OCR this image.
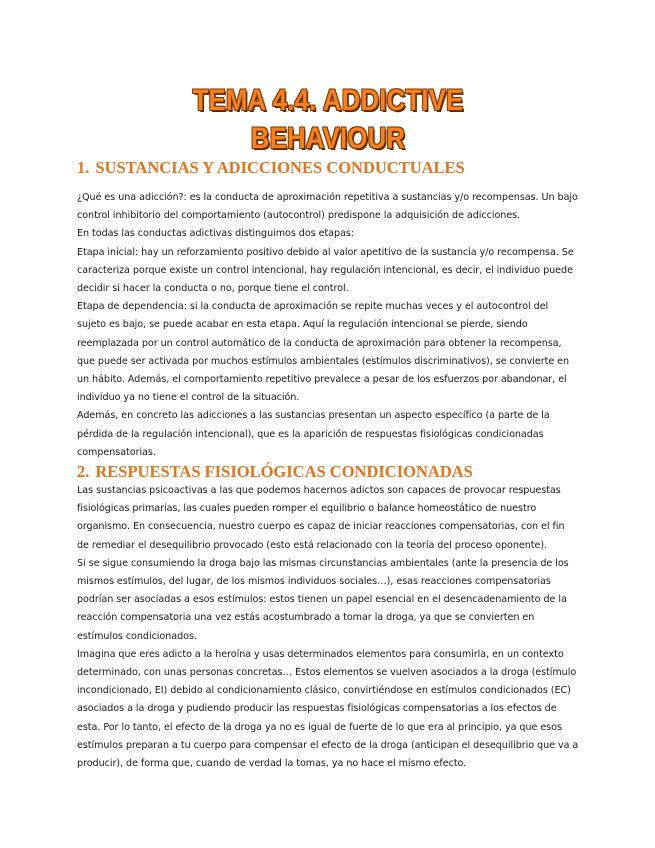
TEMA 4.4. ADDICTIVE BEHAVIOUR
1. SUSTANCIAS Y ADICCIONES CONDUCTUALES

¿Qué es una adicción?: es la conducta de aproximación repetitiva a sustancias y/o recompensas. Un bajo control inhibitorio del comportamiento (autocontrol) predispone la adquisición de adicciones.

En todas las conductas adictivas distinguimos dos etapas:

Etapa inicial: hay un reforzamiento positivo debido al valor apetitivo de la sustancia y/o recompensa. Se caracteriza porque existe un control intencional, hay regulación intencional, es decir, el individuo puede decidir si hacer la conducta o no, porque tiene el control.

Etapa de dependencia: si la conducta de aproximación se repite muchas veces y el autocontrol del sujeto es bajo, se puede acabar en esta etapa. Aquí la regulación intencional se pierde, siendo reemplazada por un control automático de la conducta de aproximación para obtener la recompensa, que puede ser activada por muchos estímulos ambientales (estímulos discriminativos), se convierte en un hábito. Además, el comportamiento repetitivo prevalece a pesar de los esfuerzos por abandonar, el individuo ya no tiene el control de la situación.

Además, en concreto las adicciones a las sustancias presentan un aspecto específico (a parte de la pérdida de la regulación intencional), que es la aparición de respuestas fisiológicas condicionadas compensatorias.

2. RESPUESTAS FISIOLÓGICAS CONDICIONADAS

Las sustancias psicoactivas a las que podemos hacernos adictos son capaces de provocar respuestas fisiológicas primarias, las cuales pueden romper el equilibrio o balance homeostático de nuestro organismo. En consecuencia, nuestro cuerpo es capaz de iniciar reacciones compensatorias, con el fin de remediar el desequilibrio provocado (esto está relacionado con la teoría del proceso oponente).

Si se sigue consumiendo la droga bajo las mismas circunstancias ambientales (ante la presencia de los mismos estímulos, del lugar, de los mismos individuos sociales…), esas reacciones compensatorias podrían ser asociadas a esos estímulos: estos tienen un papel esencial en el desencadenamiento de la reacción compensatoria una vez estás acostumbrado a tomar la droga, ya que se convierten en estímulos condicionados.

Imagina que eres adicto a la heroína y usas determinados elementos para consumirla, en un contexto determinado, con unas personas concretas… Estos elementos se vuelven asociados a la droga (estímulo incondicionado, EI) debido al condicionamiento clásico, convirtiéndose en estímulos condicionados (EC) asociados a la droga y pudiendo producir las respuestas fisiológicas compensatorias a los efectos de esta. Por lo tanto, el efecto de la droga ya no es igual de fuerte de lo que era al principio, ya que esos estímulos preparan a tu cuerpo para compensar el efecto de la droga (anticipan el desequilibrio que va a producir), de forma que, cuando de verdad la tomas, ya no hace el mismo efecto.
